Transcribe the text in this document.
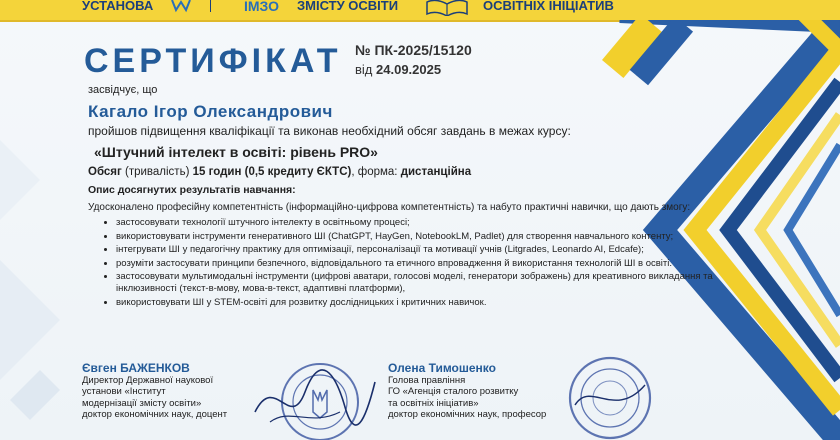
УСТАНОВА	ІМЗО ЗМІСТУ ОСВІТИ	ОСВІТНІХ ІНІЦІАТИВ
СЕРТИФІКАТ № ПК-2025/15120
від 24.09.2025

засвідчує, що

Кагало Ігор Олександрович

пройшов підвищення кваліфікації та виконав необхідний обсяг завдань в межах курсу:

«Штучний інтелект в освіті: рівень PRO»

Обсяг (тривалість) 15 годин (0,5 кредиту ЄКТС), форма: дистанційна

Опис досягнутих результатів навчання:

Удосконалено професійну компетентність (інформаційно-цифрова компетентність) та набуто практичні навички, що дають змогу:

• застосовувати технології штучного інтелекту в освітньому процесі;
• використовувати інструменти генеративного ШІ (ChatGPT, HayGen, NotebookLM, Padlet) для створення навчального контенту;
• інтегрувати ШІ у педагогічну практику для оптимізації, персоналізації та мотивації учнів (Litgrades, Leonardo AI, Edcafe);
• розуміти застосувати принципи безпечного, відповідального та етичного впровадження й використання технологій ШІ в освіті.
• застосовувати мультимодальні інструменти (цифрові аватари, голосові моделі, генератори зображень) для креативного викладання та інклюзивності (текст-в-мову, мова-в-текст, адаптивні платформи),
• використовувати ШІ у STEM-освіті для розвитку дослідницьких і критичних навичок.
Євген БАЖЕНКОВ
Директор Державної наукової
установи «Інститут
модернізації змісту освіти»
доктор економічних наук, доцент
Олена Тимошенко
Голова правління
ГО «Агенція сталого розвитку
та освітніх ініціатив»
доктор економічних наук, професор
